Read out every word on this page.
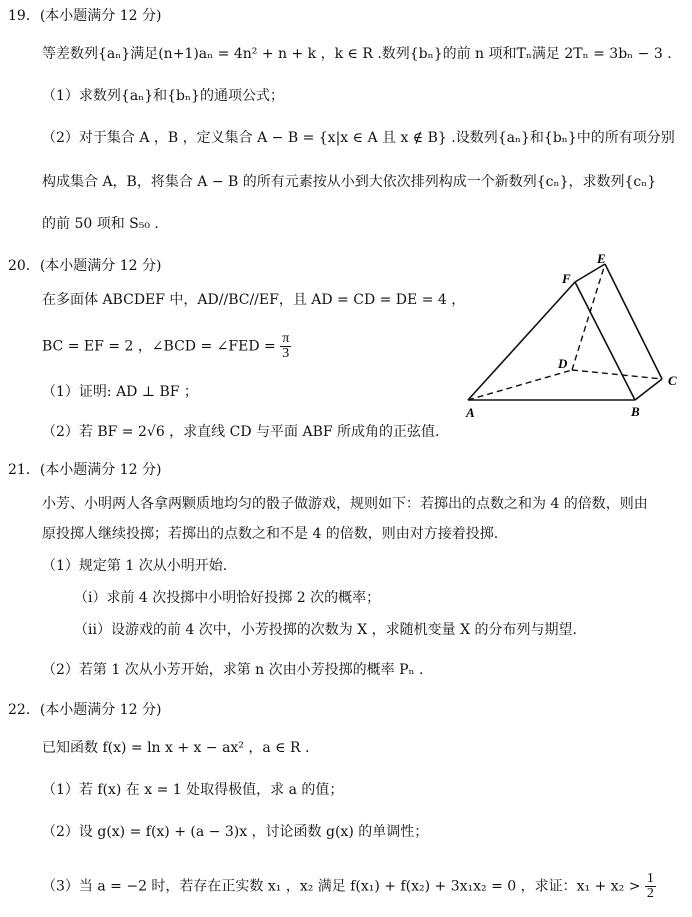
19．(本小题满分 12 分)
等差数列{aₙ}满足(n+1)aₙ = 4n² + n + k ，k ∈ R .数列{bₙ}的前 n 项和Tₙ满足 2Tₙ = 3bₙ − 3 .
（1）求数列{aₙ}和{bₙ}的通项公式；
（2）对于集合 A ，B ，定义集合 A − B = {x|x ∈ A 且 x ∉ B} .设数列{aₙ}和{bₙ}中的所有项分别
构成集合 A，B，将集合 A − B 的所有元素按从小到大依次排列构成一个新数列{cₙ}，求数列{cₙ}
的前 50 项和 S₅₀ .
20．(本小题满分 12 分)
在多面体 ABCDEF 中，AD//BC//EF，且 AD = CD = DE = 4 ，
BC = EF = 2 ，∠BCD = ∠FED = $\frac{\pi}{3}$
（1）证明: AD ⊥ BF ；
（2）若 BF = 2√6 ，求直线 CD 与平面 ABF 所成角的正弦值.
A	B
C
D
E
F
21．(本小题满分 12 分)
小芳、小明两人各拿两颗质地均匀的骰子做游戏，规则如下：若掷出的点数之和为 4 的倍数，则由
原投掷人继续投掷；若掷出的点数之和不是 4 的倍数，则由对方接着投掷.
（1）规定第 1 次从小明开始.
（i）求前 4 次投掷中小明恰好投掷 2 次的概率；
（ii）设游戏的前 4 次中，小芳投掷的次数为 X ，求随机变量 X 的分布列与期望.
（2）若第 1 次从小芳开始，求第 n 次由小芳投掷的概率 Pₙ .
22．(本小题满分 12 分)
已知函数 f(x) = ln x + x − ax² ，a ∈ R .
（1）若 f(x) 在 x = 1 处取得极值，求 a 的值；
（2）设 g(x) = f(x) + (a − 3)x ，讨论函数 g(x) 的单调性；
（3）当 a = −2 时，若存在正实数 x₁ ，x₂ 满足 f(x₁) + f(x₂) + 3x₁x₂ = 0 ，求证：$x_1 + x_2 > \frac{1}{2}$
